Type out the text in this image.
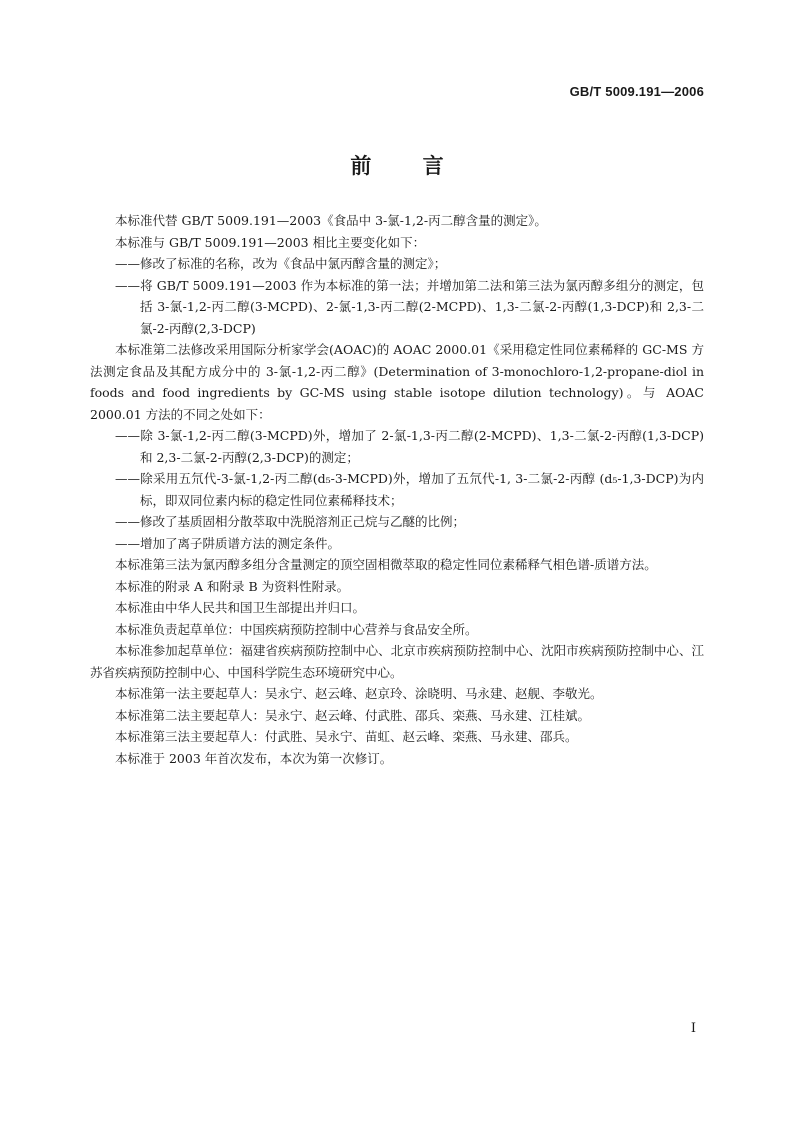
GB/T 5009.191—2006
前 言

本标准代替 GB/T 5009.191—2003《食品中 3-氯-1,2-丙二醇含量的测定》。

本标准与 GB/T 5009.191—2003 相比主要变化如下：

——修改了标准的名称，改为《食品中氯丙醇含量的测定》；

——将 GB/T 5009.191—2003 作为本标准的第一法；并增加第二法和第三法为氯丙醇多组分的测定，包括 3-氯-1,2-丙二醇(3-MCPD)、2-氯-1,3-丙二醇(2-MCPD)、1,3-二氯-2-丙醇(1,3-DCP)和 2,3-二氯-2-丙醇(2,3-DCP)

本标准第二法修改采用国际分析家学会(AOAC)的 AOAC 2000.01《采用稳定性同位素稀释的 GC-MS 方法测定食品及其配方成分中的 3-氯-1,2-丙二醇》(Determination of 3-monochloro-1,2-propane-diol in foods and food ingredients by GC-MS using stable isotope dilution technology)。与 AOAC 2000.01 方法的不同之处如下：

——除 3-氯-1,2-丙二醇(3-MCPD)外，增加了 2-氯-1,3-丙二醇(2-MCPD)、1,3-二氯-2-丙醇(1,3-DCP)和 2,3-二氯-2-丙醇(2,3-DCP)的测定；

——除采用五氘代-3-氯-1,2-丙二醇(d₅-3-MCPD)外，增加了五氘代-1, 3-二氯-2-丙醇 (d₅-1,3-DCP)为内标，即双同位素内标的稳定性同位素稀释技术；

——修改了基质固相分散萃取中洗脱溶剂正己烷与乙醚的比例；

——增加了离子阱质谱方法的测定条件。

本标准第三法为氯丙醇多组分含量测定的顶空固相微萃取的稳定性同位素稀释气相色谱-质谱方法。

本标准的附录 A 和附录 B 为资料性附录。

本标准由中华人民共和国卫生部提出并归口。

本标准负责起草单位：中国疾病预防控制中心营养与食品安全所。

本标准参加起草单位：福建省疾病预防控制中心、北京市疾病预防控制中心、沈阳市疾病预防控制中心、江苏省疾病预防控制中心、中国科学院生态环境研究中心。

本标准第一法主要起草人：吴永宁、赵云峰、赵京玲、涂晓明、马永建、赵舰、李敬光。

本标准第二法主要起草人：吴永宁、赵云峰、付武胜、邵兵、栾燕、马永建、江桂斌。

本标准第三法主要起草人：付武胜、吴永宁、苗虹、赵云峰、栾燕、马永建、邵兵。

本标准于 2003 年首次发布，本次为第一次修订。

I
